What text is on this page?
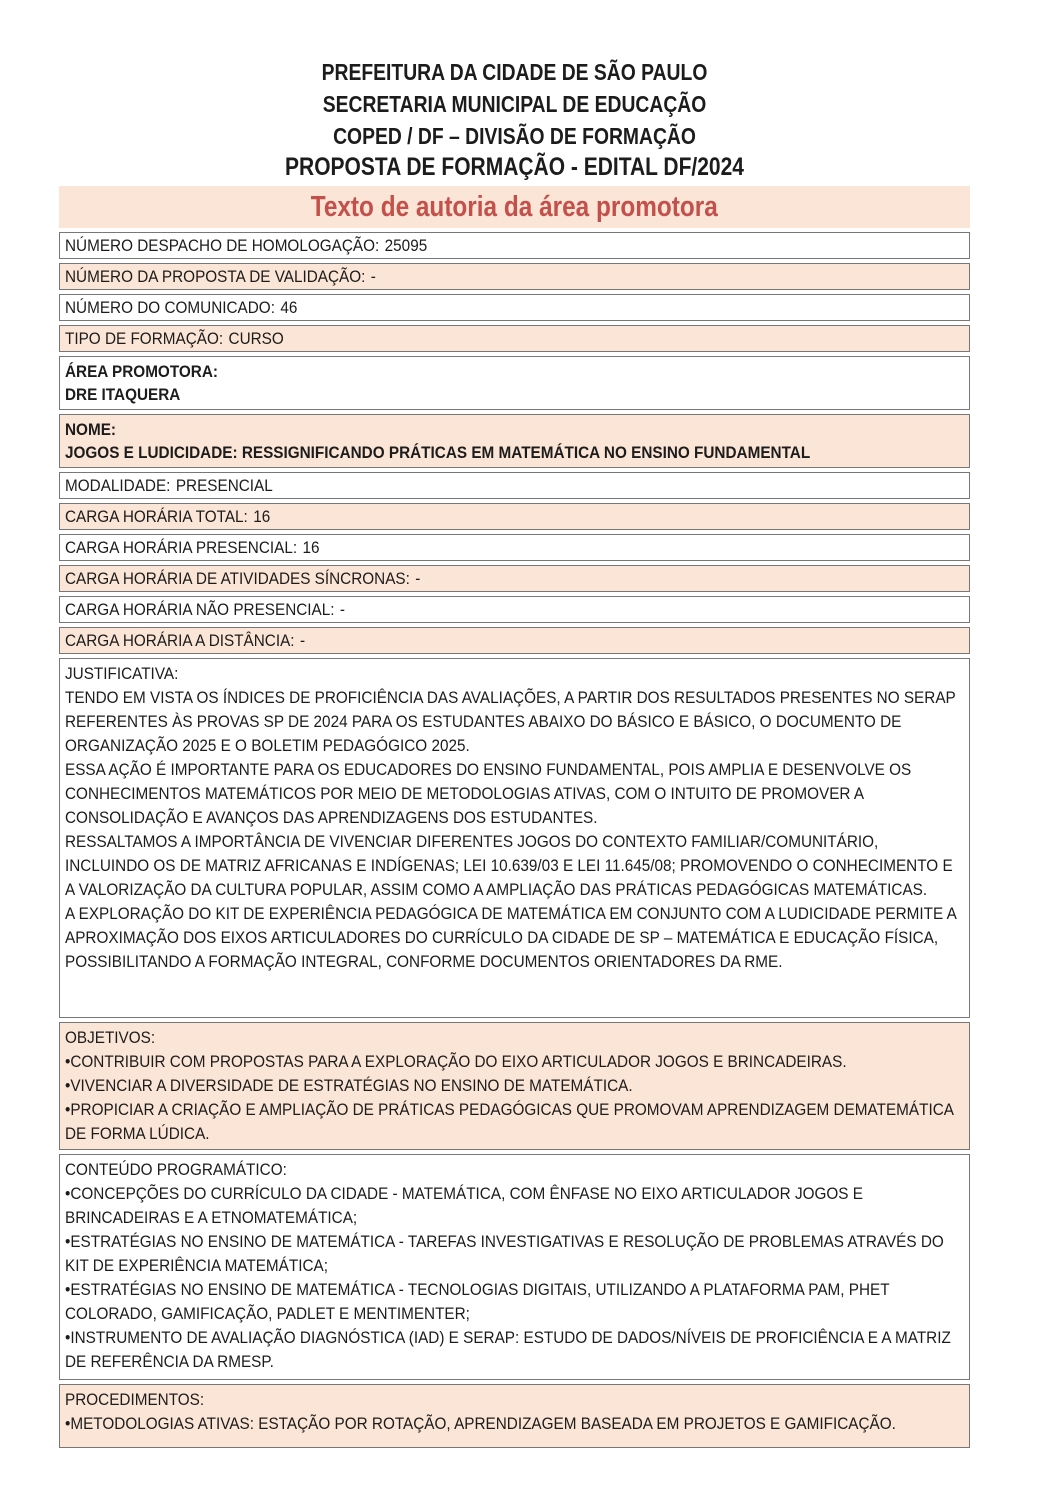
PREFEITURA DA CIDADE DE SÃO PAULO
SECRETARIA MUNICIPAL DE EDUCAÇÃO
COPED / DF – DIVISÃO DE FORMAÇÃO
PROPOSTA DE FORMAÇÃO - EDITAL DF/2024
Texto de autoria da área promotora
NÚMERO DESPACHO DE HOMOLOGAÇÃO: 25095
NÚMERO DA PROPOSTA DE VALIDAÇÃO: -
NÚMERO DO COMUNICADO: 46
TIPO DE FORMAÇÃO: CURSO
ÁREA PROMOTORA:
DRE ITAQUERA
NOME:
JOGOS E LUDICIDADE: RESSIGNIFICANDO PRÁTICAS EM MATEMÁTICA NO ENSINO FUNDAMENTAL
MODALIDADE: PRESENCIAL
CARGA HORÁRIA TOTAL: 16
CARGA HORÁRIA PRESENCIAL: 16
CARGA HORÁRIA DE ATIVIDADES SÍNCRONAS: -
CARGA HORÁRIA NÃO PRESENCIAL: -
CARGA HORÁRIA A DISTÂNCIA: -
JUSTIFICATIVA:
TENDO EM VISTA OS ÍNDICES DE PROFICIÊNCIA DAS AVALIAÇÕES, A PARTIR DOS RESULTADOS PRESENTES NO SERAP REFERENTES ÀS PROVAS SP DE 2024 PARA OS ESTUDANTES ABAIXO DO BÁSICO E BÁSICO, O DOCUMENTO DE ORGANIZAÇÃO 2025 E O BOLETIM PEDAGÓGICO 2025.
ESSA AÇÃO É IMPORTANTE PARA OS EDUCADORES DO ENSINO FUNDAMENTAL, POIS AMPLIA E DESENVOLVE OS CONHECIMENTOS MATEMÁTICOS POR MEIO DE METODOLOGIAS ATIVAS, COM O INTUITO DE PROMOVER A CONSOLIDAÇÃO E AVANÇOS DAS APRENDIZAGENS DOS ESTUDANTES.
RESSALTAMOS A IMPORTÂNCIA DE VIVENCIAR DIFERENTES JOGOS DO CONTEXTO FAMILIAR/COMUNITÁRIO, INCLUINDO OS DE MATRIZ AFRICANAS E INDÍGENAS; LEI 10.639/03 E LEI 11.645/08; PROMOVENDO O CONHECIMENTO E A VALORIZAÇÃO DA CULTURA POPULAR, ASSIM COMO A AMPLIAÇÃO DAS PRÁTICAS PEDAGÓGICAS MATEMÁTICAS.
A EXPLORAÇÃO DO KIT DE EXPERIÊNCIA PEDAGÓGICA DE MATEMÁTICA EM CONJUNTO COM A LUDICIDADE PERMITE A APROXIMAÇÃO DOS EIXOS ARTICULADORES DO CURRÍCULO DA CIDADE DE SP – MATEMÁTICA E EDUCAÇÃO FÍSICA, POSSIBILITANDO A FORMAÇÃO INTEGRAL, CONFORME DOCUMENTOS ORIENTADORES DA RME.
OBJETIVOS:
•CONTRIBUIR COM PROPOSTAS PARA A EXPLORAÇÃO DO EIXO ARTICULADOR JOGOS E BRINCADEIRAS.
•VIVENCIAR A DIVERSIDADE DE ESTRATÉGIAS NO ENSINO DE MATEMÁTICA.
•PROPICIAR A CRIAÇÃO E AMPLIAÇÃO DE PRÁTICAS PEDAGÓGICAS QUE PROMOVAM APRENDIZAGEM DEMATEMÁTICA DE FORMA LÚDICA.
CONTEÚDO PROGRAMÁTICO:
•CONCEPÇÕES DO CURRÍCULO DA CIDADE - MATEMÁTICA, COM ÊNFASE NO EIXO ARTICULADOR JOGOS E BRINCADEIRAS E A ETNOMATEMÁTICA;
•ESTRATÉGIAS NO ENSINO DE MATEMÁTICA - TAREFAS INVESTIGATIVAS E RESOLUÇÃO DE PROBLEMAS ATRAVÉS DO KIT DE EXPERIÊNCIA MATEMÁTICA;
•ESTRATÉGIAS NO ENSINO DE MATEMÁTICA - TECNOLOGIAS DIGITAIS, UTILIZANDO A PLATAFORMA PAM, PHET COLORADO, GAMIFICAÇÃO, PADLET E MENTIMENTER;
•INSTRUMENTO DE AVALIAÇÃO DIAGNÓSTICA (IAD) E SERAP: ESTUDO DE DADOS/NÍVEIS DE PROFICIÊNCIA E A MATRIZ DE REFERÊNCIA DA RMESP.
PROCEDIMENTOS:
•METODOLOGIAS ATIVAS: ESTAÇÃO POR ROTAÇÃO, APRENDIZAGEM BASEADA EM PROJETOS E GAMIFICAÇÃO.
